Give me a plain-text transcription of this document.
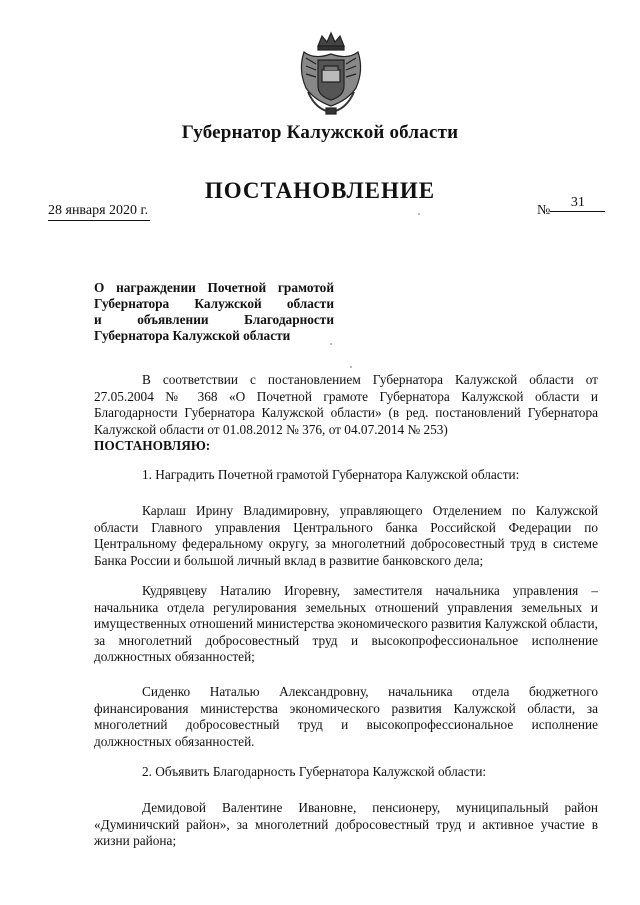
Губернатор Калужской области
ПОСТАНОВЛЕНИЕ
28 января 2020 г.	№31
О награждении Почетной грамотой
Губернатора Калужской области
и объявлении Благодарности
Губернатора Калужской области
В соответствии с постановлением Губернатора Калужской области от 27.05.2004 № 368 «О Почетной грамоте Губернатора Калужской области и Благодарности Губернатора Калужской области» (в ред. постановлений Губернатора Калужской области от 01.08.2012 № 376, от 04.07.2014 № 253)
ПОСТАНОВЛЯЮ:
1. Наградить Почетной грамотой Губернатора Калужской области:
Карлаш Ирину Владимировну, управляющего Отделением по Калужской области Главного управления Центрального банка Российской Федерации по Центральному федеральному округу, за многолетний добросовестный труд в системе Банка России и большой личный вклад в развитие банковского дела;
Кудрявцеву Наталию Игоревну, заместителя начальника управления – начальника отдела регулирования земельных отношений управления земельных и имущественных отношений министерства экономического развития Калужской области, за многолетний добросовестный труд и высокопрофессиональное исполнение должностных обязанностей;
Сиденко Наталью Александровну, начальника отдела бюджетного финансирования министерства экономического развития Калужской области, за многолетний добросовестный труд и высокопрофессиональное исполнение должностных обязанностей.
2. Объявить Благодарность Губернатора Калужской области:
Демидовой Валентине Ивановне, пенсионеру, муниципальный район «Думиничский район», за многолетний добросовестный труд и активное участие в жизни района;
